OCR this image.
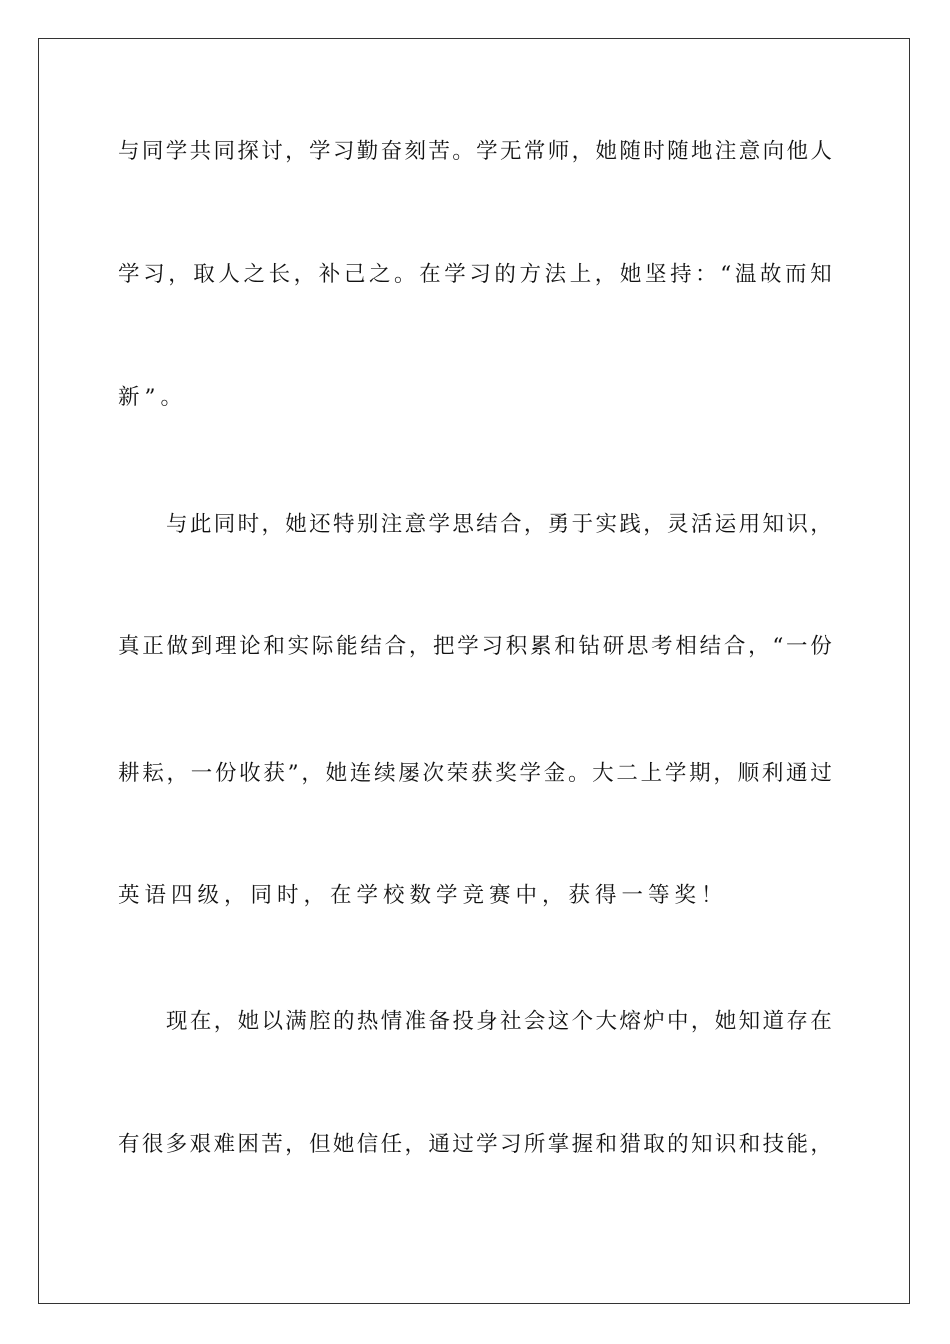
与 同 学 共 同 探 讨 ， 学 习 勤 奋 刻 苦 。 学 无 常 师 ， 她 随 时 随 地 注 意 向 他 人
学 习 ， 取 人 之 长 ， 补 己 之 。 在 学 习 的 方 法 上 ， 她 坚 持 ： “ 温 故 而 知
新”。
与 此 同 时 ， 她 还 特 别 注 意 学 思 结 合 ， 勇 于 实 践 ， 灵 活 运 用 知 识 ，
真 正 做 到 理 论 和 实 际 能 结 合 ， 把 学 习 积 累 和 钻 研 思 考 相 结 合 ， “ 一 份
耕 耘 ， 一 份 收 获 ” ， 她 连 续 屡 次 荣 获 奖 学 金 。 大 二 上 学 期 ， 顺 利 通 过
英语四级，同时，在学校数学竞赛中，获得一等奖！
现 在 ， 她 以 满 腔 的 热 情 准 备 投 身 社 会 这 个 大 熔 炉 中 ， 她 知 道 存 在
有 很 多 艰 难 困 苦 ， 但 她 信 任 ， 通 过 学 习 所 掌 握 和 猎 取 的 知 识 和 技 能 ，
